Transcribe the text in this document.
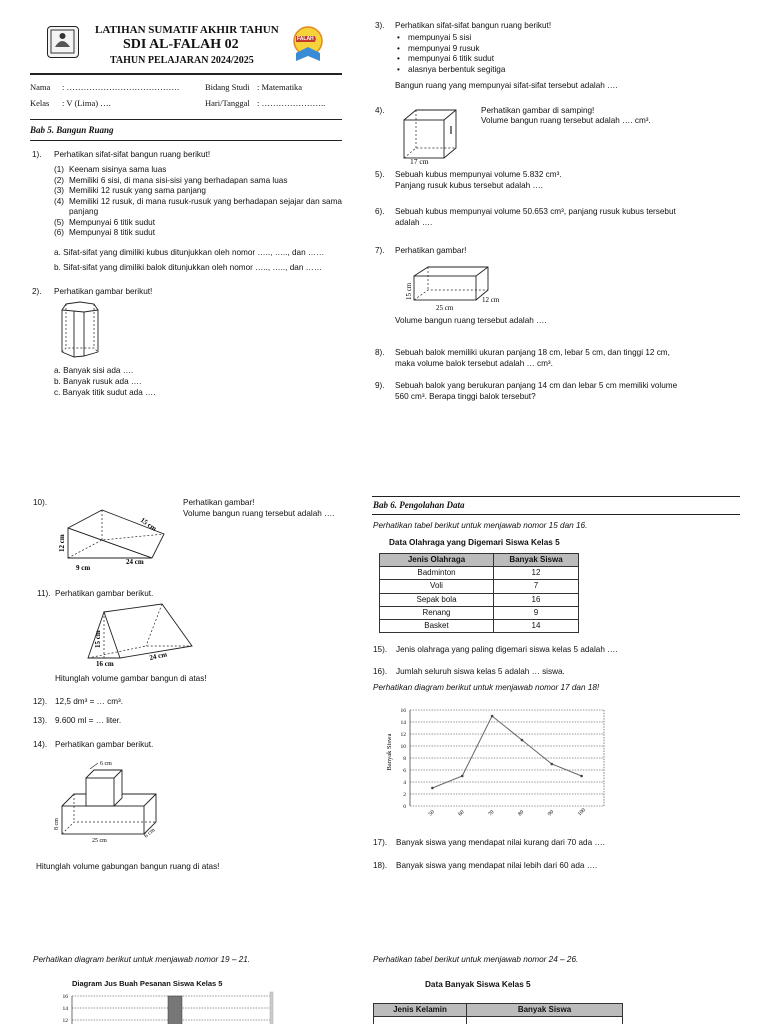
LATIHAN SUMATIF AKHIR TAHUN
SDI AL-FALAH 02
TAHUN PELAJARAN 2024/2025
FALAH
Nama : ………………………………….	Bidang Studi : Matematika
Kelas : V (Lima) ….	Hari/Tanggal : …………………..
Bab 5. Bangun Ruang
1). Perhatikan sifat-sifat bangun ruang berikut!
(1) Keenam sisinya sama luas
(2) Memiliki 6 sisi, di mana sisi-sisi yang berhadapan sama luas
(3) Memiliki 12 rusuk yang sama panjang
(4) Memiliki 12 rusuk, di mana rusuk-rusuk yang berhadapan sejajar dan sama panjang
(5) Mempunyai 6 titik sudut
(6) Mempunyai 8 titik sudut
a. Sifat-sifat yang dimiliki kubus ditunjukkan oleh nomor ….., ….., dan ……
b. Sifat-sifat yang dimiliki balok ditunjukkan oleh nomor ….., ….., dan ……
2). Perhatikan gambar berikut!
a. Banyak sisi ada ….
b. Banyak rusuk ada ….
c. Banyak titik sudut ada ….
3). Perhatikan sifat-sifat bangun ruang berikut!
• mempunyai 5 sisi
• mempunyai 9 rusuk
• mempunyai 6 titik sudut
• alasnya berbentuk segitiga
Bangun ruang yang mempunyai sifat-sifat tersebut adalah ….
4).
17 cm
Perhatikan gambar di samping!
Volume bangun ruang tersebut adalah …. cm³.
5). Sebuah kubus mempunyai volume 5.832 cm³.
Panjang rusuk kubus tersebut adalah ….
6). Sebuah kubus mempunyai volume 50.653 cm³, panjang rusuk kubus tersebut
adalah ….
7). Perhatikan gambar!
15 cm
25 cm
12 cm
Volume bangun ruang tersebut adalah ….
8). Sebuah balok memiliki ukuran panjang 18 cm, lebar 5 cm, dan tinggi 12 cm,
maka volume balok tersebut adalah … cm³.
9). Sebuah balok yang berukuran panjang 14 cm dan lebar 5 cm memiliki volume
560 cm³. Berapa tinggi balok tersebut?
10).	Perhatikan gambar!
Volume bangun ruang tersebut adalah ….
15 cm
12 cm
9 cm
24 cm
11). Perhatikan gambar berikut.
15 cm
16 cm
24 cm
Hitunglah volume gambar bangun di atas!
12). 12,5 dm³ = … cm³.
13). 9.600 ml = … liter.
14). Perhatikan gambar berikut.
6 cm
8 cm
25 cm
6 cm
Hitunglah volume gabungan bangun ruang di atas!
Bab 6. Pengolahan Data
Perhatikan tabel berikut untuk menjawab nomor 15 dan 16.
Data Olahraga yang Digemari Siswa Kelas 5
Jenis Olahraga	Banyak Siswa
Badminton	12
Voli	7
Sepak bola	16
Renang	9
Basket	14
15). Jenis olahraga yang paling digemari siswa kelas 5 adalah ….
16). Jumlah seluruh siswa kelas 5 adalah … siswa.
Perhatikan diagram berikut untuk menjawab nomor 17 dan 18!
Banyak Siswa
0
2
4
6
8
10
12
14
16
50	60	70	80	90	100
17). Banyak siswa yang mendapat nilai kurang dari 70 ada ….
18). Banyak siswa yang mendapat nilai lebih dari 60 ada ….
Perhatikan diagram berikut untuk menjawab nomor 19 – 21.
Diagram Jus Buah Pesanan Siswa Kelas 5
16
14
12
Perhatikan tabel berikut untuk menjawab nomor 24 – 26.
Data Banyak Siswa Kelas 5
Jenis Kelamin	Banyak Siswa
